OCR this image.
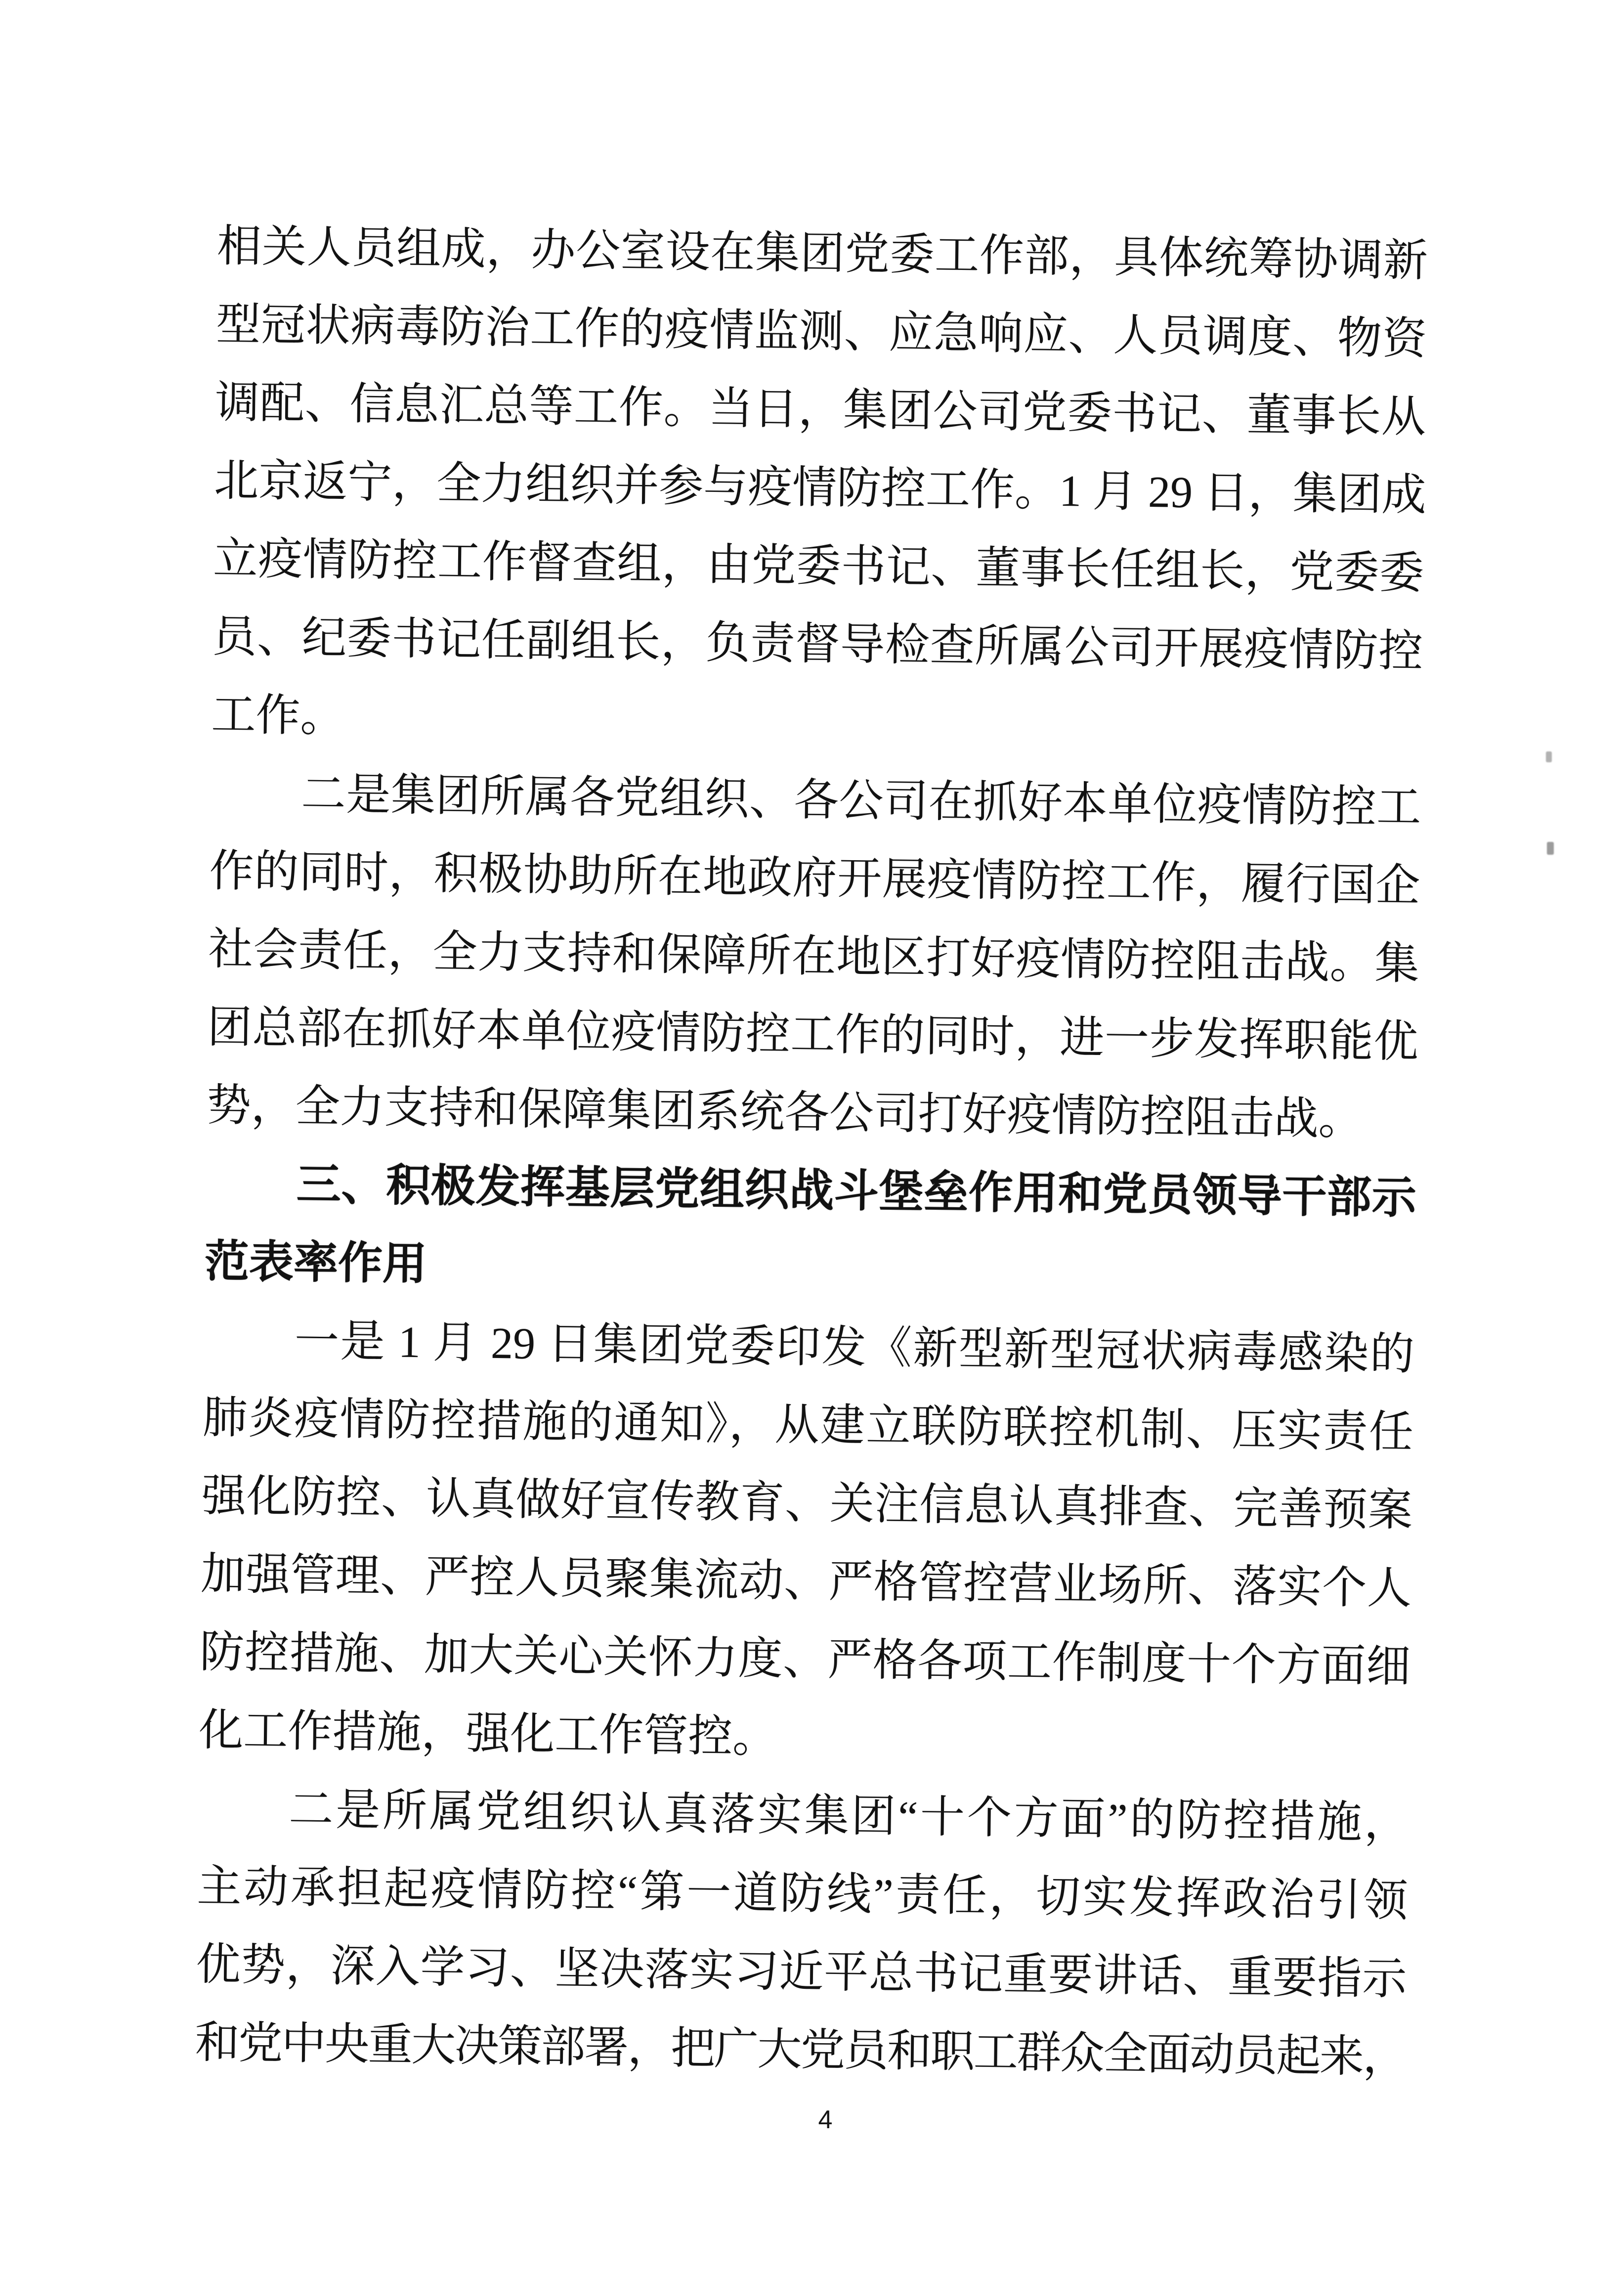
相关人员组成，办公室设在集团党委工作部，具体统筹协调新
型冠状病毒防治工作的疫情监测、应急响应、人员调度、物资
调配、信息汇总等工作。当日，集团公司党委书记、董事长从
北京返宁，全力组织并参与疫情防控工作。1 月 29 日，集团成
立疫情防控工作督查组，由党委书记、董事长任组长，党委委
员、纪委书记任副组长，负责督导检查所属公司开展疫情防控
工作。
二是集团所属各党组织、各公司在抓好本单位疫情防控工
作的同时，积极协助所在地政府开展疫情防控工作，履行国企
社会责任，全力支持和保障所在地区打好疫情防控阻击战。集
团总部在抓好本单位疫情防控工作的同时，进一步发挥职能优
势，全力支持和保障集团系统各公司打好疫情防控阻击战。
三、积极发挥基层党组织战斗堡垒作用和党员领导干部示
范表率作用
一是 1 月 29 日集团党委印发《新型新型冠状病毒感染的
肺炎疫情防控措施的通知》，从建立联防联控机制、压实责任
强化防控、认真做好宣传教育、关注信息认真排查、完善预案
加强管理、严控人员聚集流动、严格管控营业场所、落实个人
防控措施、加大关心关怀力度、严格各项工作制度十个方面细
化工作措施，强化工作管控。
二是所属党组织认真落实集团“十个方面”的防控措施，
主动承担起疫情防控“第一道防线”责任，切实发挥政治引领
优势，深入学习、坚决落实习近平总书记重要讲话、重要指示
和党中央重大决策部署，把广大党员和职工群众全面动员起来，
4
